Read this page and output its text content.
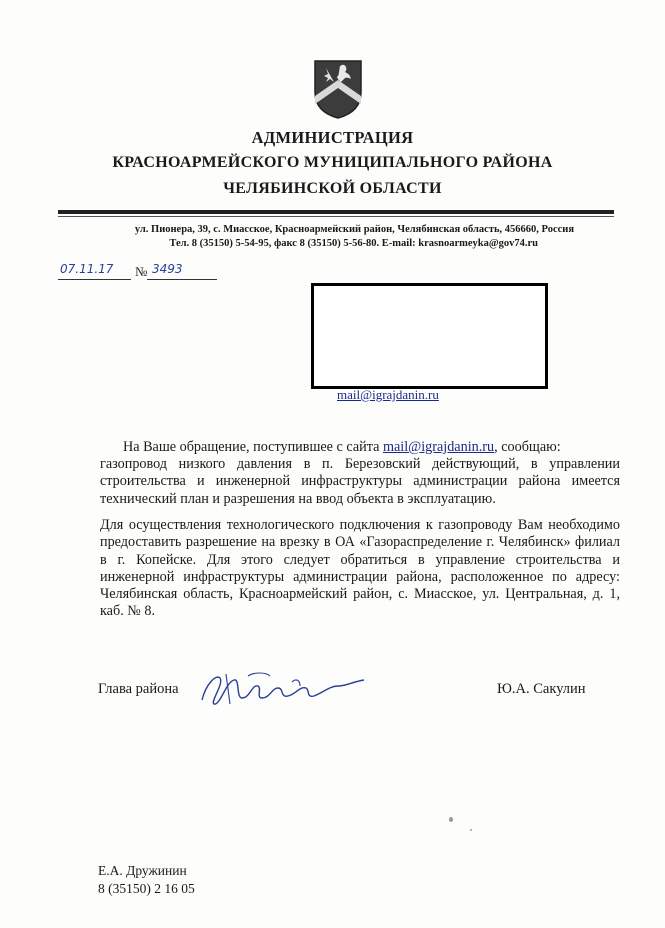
АДМИНИСТРАЦИЯ
КРАСНОАРМЕЙСКОГО МУНИЦИПАЛЬНОГО РАЙОНА
ЧЕЛЯБИНСКОЙ ОБЛАСТИ
ул. Пионера, 39, с. Миасское, Красноармейский район, Челябинская область, 456660, Россия
Тел. 8 (35150) 5-54-95, факс 8 (35150) 5-56-80. E-mail: krasnoarmeyka@gov74.ru
07.11.17 № 3493
mail@igrajdanin.ru
На Ваше обращение, поступившее с сайта mail@igrajdanin.ru, сообщаю:
газопровод низкого давления в п. Березовский действующий, в управлении строительства и инженерной инфраструктуры администрации района имеется технический план и разрешения на ввод объекта в эксплуатацию.
Для осуществления технологического подключения к газопроводу Вам необходимо предоставить разрешение на врезку в ОА «Газораспределение г. Челябинск» филиал в г. Копейске. Для этого следует обратиться в управление строительства и инженерной инфраструктуры администрации района, расположенное по адресу: Челябинская область, Красноармейский район, с. Миасское, ул. Центральная, д. 1, каб. № 8.
Глава района	Ю.А. Сакулин
Е.А. Дружинин
8 (35150) 2 16 05
